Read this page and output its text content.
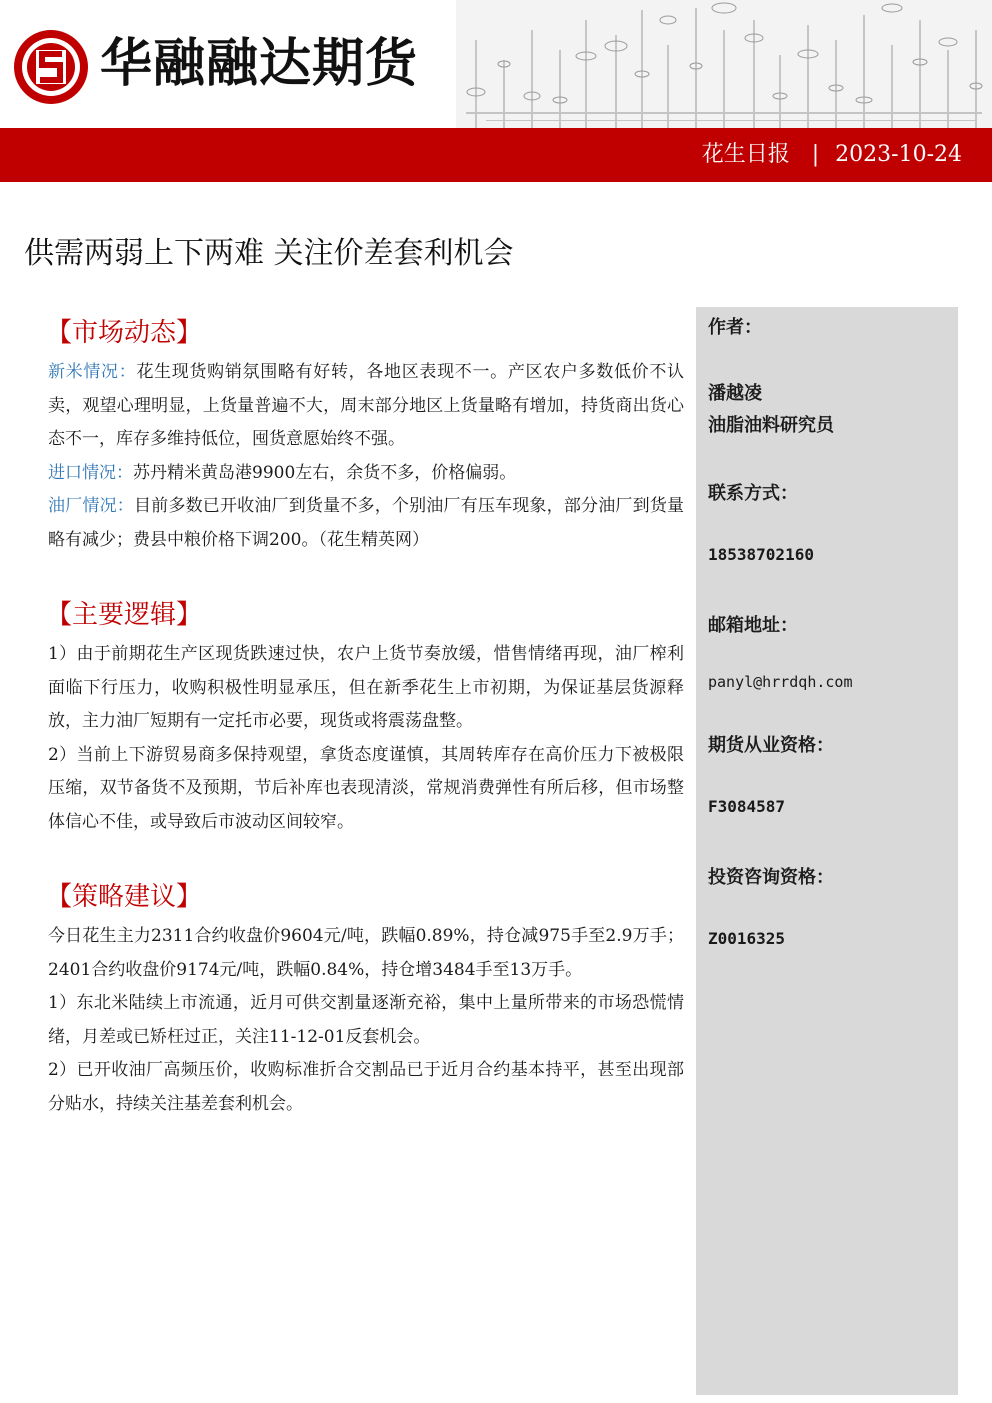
华融融达期货
花生日报 | 2023-10-24
供需两弱上下两难 关注价差套利机会
【市场动态】

新米情况：花生现货购销氛围略有好转，各地区表现不一。产区农户多数低价不认卖，观望心理明显，上货量普遍不大，周末部分地区上货量略有增加，持货商出货心态不一，库存多维持低位，囤货意愿始终不强。

进口情况：苏丹精米黄岛港9900左右，余货不多，价格偏弱。

油厂情况：目前多数已开收油厂到货量不多，个别油厂有压车现象，部分油厂到货量略有减少；费县中粮价格下调200。（花生精英网）

【主要逻辑】

1）由于前期花生产区现货跌速过快，农户上货节奏放缓，惜售情绪再现，油厂榨利面临下行压力，收购积极性明显承压，但在新季花生上市初期，为保证基层货源释放，主力油厂短期有一定托市必要，现货或将震荡盘整。

2）当前上下游贸易商多保持观望，拿货态度谨慎，其周转库存在高价压力下被极限压缩，双节备货不及预期，节后补库也表现清淡，常规消费弹性有所后移，但市场整体信心不佳，或导致后市波动区间较窄。

【策略建议】

今日花生主力2311合约收盘价9604元/吨，跌幅0.89%，持仓减975手至2.9万手；2401合约收盘价9174元/吨，跌幅0.84%，持仓增3484手至13万手。

1）东北米陆续上市流通，近月可供交割量逐渐充裕，集中上量所带来的市场恐慌情绪，月差或已矫枉过正，关注11-12-01反套机会。

2）已开收油厂高频压价，收购标准折合交割品已于近月合约基本持平，甚至出现部分贴水，持续关注基差套利机会。

作者：
潘越凌
油脂油料研究员
联系方式：
18538702160
邮箱地址：
panyl@hrrdqh.com
期货从业资格：
F3084587
投资咨询资格：
Z0016325
